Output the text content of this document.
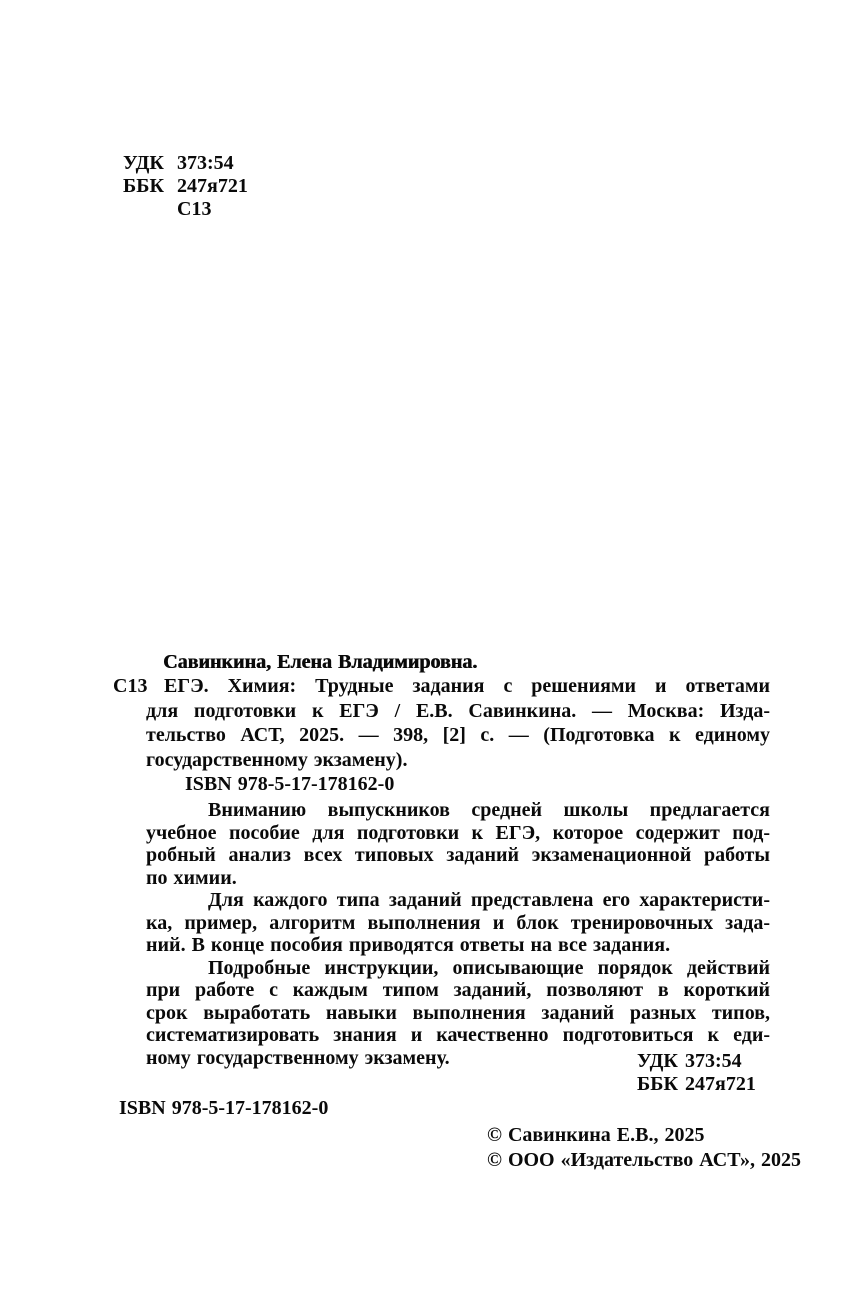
УДК 373:54
ББК 247я721
С13
С13
Савинкина, Елена Владимировна.
ЕГЭ. Химия: Трудные задания с решениями и ответами
для подготовки к ЕГЭ / Е.В. Савинкина. — Москва: Изда-
тельство АСТ, 2025. — 398, [2] с. — (Подготовка к единому
государственному экзамену).
ISBN 978-5-17-178162-0
Вниманию выпускников средней школы предлагается
учебное пособие для подготовки к ЕГЭ, которое содержит под-
робный анализ всех типовых заданий экзаменационной работы
по химии.
Для каждого типа заданий представлена его характеристи-
ка, пример, алгоритм выполнения и блок тренировочных зада-
ний. В конце пособия приводятся ответы на все задания.
Подробные инструкции, описывающие порядок действий
при работе с каждым типом заданий, позволяют в короткий
срок выработать навыки выполнения заданий разных типов,
систематизировать знания и качественно подготовиться к еди-
ному государственному экзамену.	УДК 373:54
ББК 247я721
ISBN 978-5-17-178162-0
© Савинкина Е.В., 2025
© ООО «Издательство АСТ», 2025
